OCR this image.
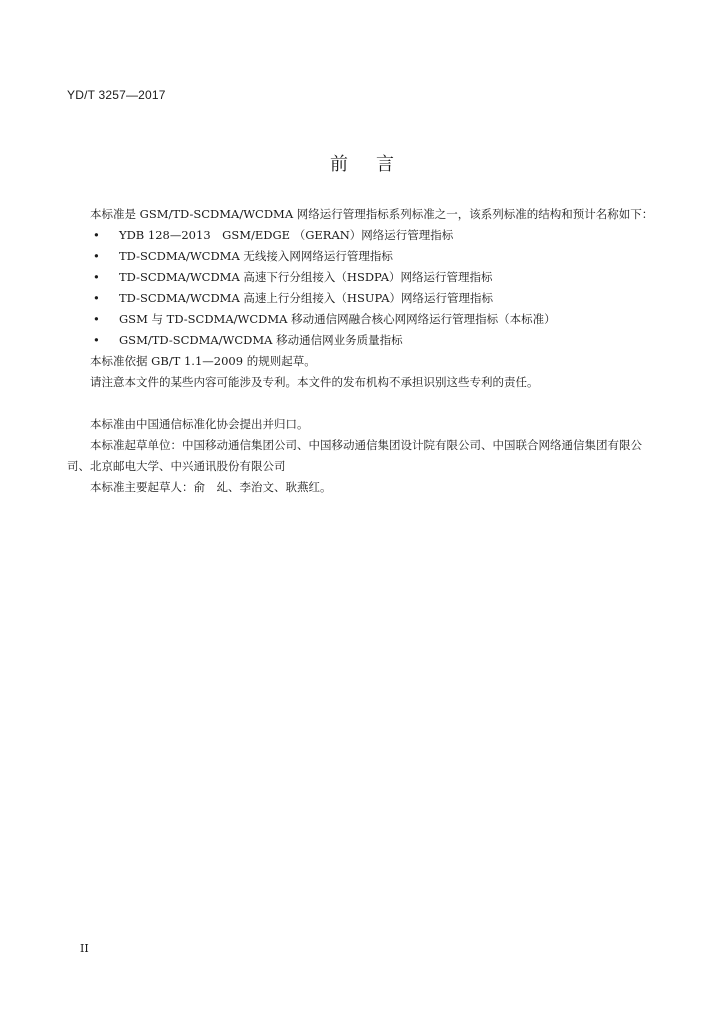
YD/T 3257—2017
前言

本标准是 GSM/TD-SCDMA/WCDMA 网络运行管理指标系列标准之一，该系列标准的结构和预计名称如下：

• YDB 128—2013　GSM/EDGE （GERAN）网络运行管理指标
• TD-SCDMA/WCDMA 无线接入网网络运行管理指标
• TD-SCDMA/WCDMA 高速下行分组接入（HSDPA）网络运行管理指标
• TD-SCDMA/WCDMA 高速上行分组接入（HSUPA）网络运行管理指标
• GSM 与 TD-SCDMA/WCDMA 移动通信网融合核心网网络运行管理指标（本标准）
• GSM/TD-SCDMA/WCDMA 移动通信网业务质量指标

本标准依据 GB/T 1.1—2009 的规则起草。

请注意本文件的某些内容可能涉及专利。本文件的发布机构不承担识别这些专利的责任。

本标准由中国通信标准化协会提出并归口。

本标准起草单位：中国移动通信集团公司、中国移动通信集团设计院有限公司、中国联合网络通信集团有限公司、北京邮电大学、中兴通讯股份有限公司

本标准主要起草人：俞　乣、李治文、耿燕红。

II
